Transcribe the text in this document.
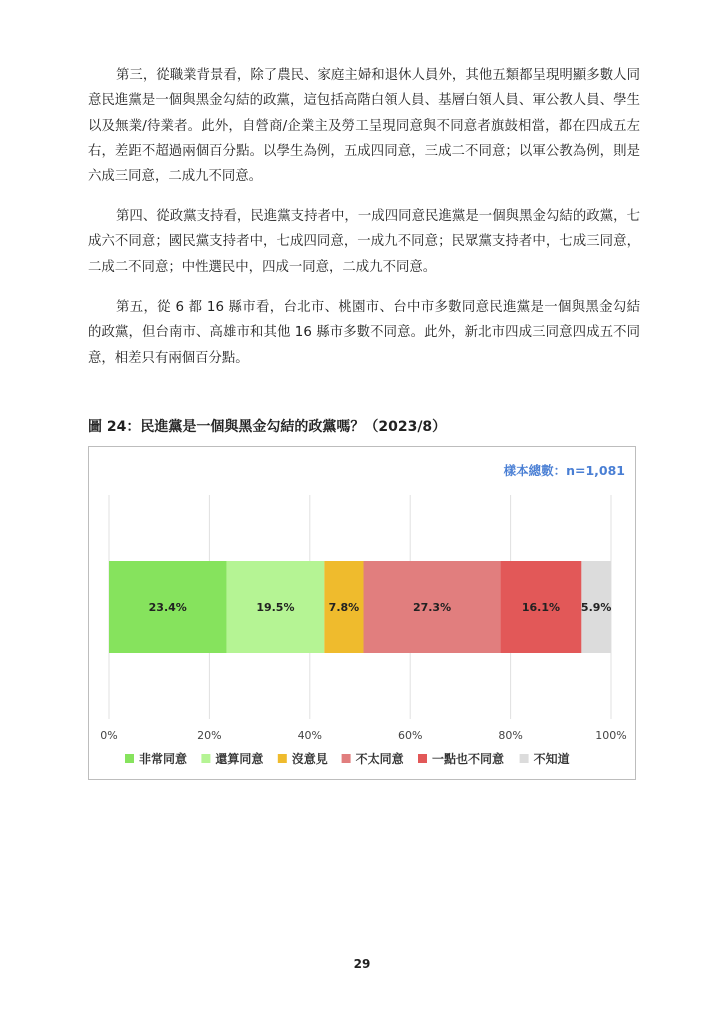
第三，從職業背景看，除了農民、家庭主婦和退休人員外，其他五類都呈現明顯多數人同意民進黨是一個與黑金勾結的政黨，這包括高階白領人員、基層白領人員、軍公教人員、學生以及無業/待業者。此外，自營商/企業主及勞工呈現同意與不同意者旗鼓相當，都在四成五左右，差距不超過兩個百分點。以學生為例，五成四同意，三成二不同意；以軍公教為例，則是六成三同意，二成九不同意。

第四、從政黨支持看，民進黨支持者中，一成四同意民進黨是一個與黑金勾結的政黨，七成六不同意；國民黨支持者中，七成四同意，一成九不同意；民眾黨支持者中，七成三同意，二成二不同意；中性選民中，四成一同意，二成九不同意。

第五，從 6 都 16 縣市看，台北市、桃園市、台中市多數同意民進黨是一個與黑金勾結的政黨，但台南市、高雄市和其他 16 縣市多數不同意。此外，新北市四成三同意四成五不同意，相差只有兩個百分點。

圖 24：民進黨是一個與黑金勾結的政黨嗎？（2023/8）

樣本總數：n=1,081
0%	20%	40%	60%	80%	100%
23.4%	19.5%	7.8%	27.3%	16.1% 5.9%
非常同意 還算同意 沒意見 不太同意 一點也不同意 不知道
29
